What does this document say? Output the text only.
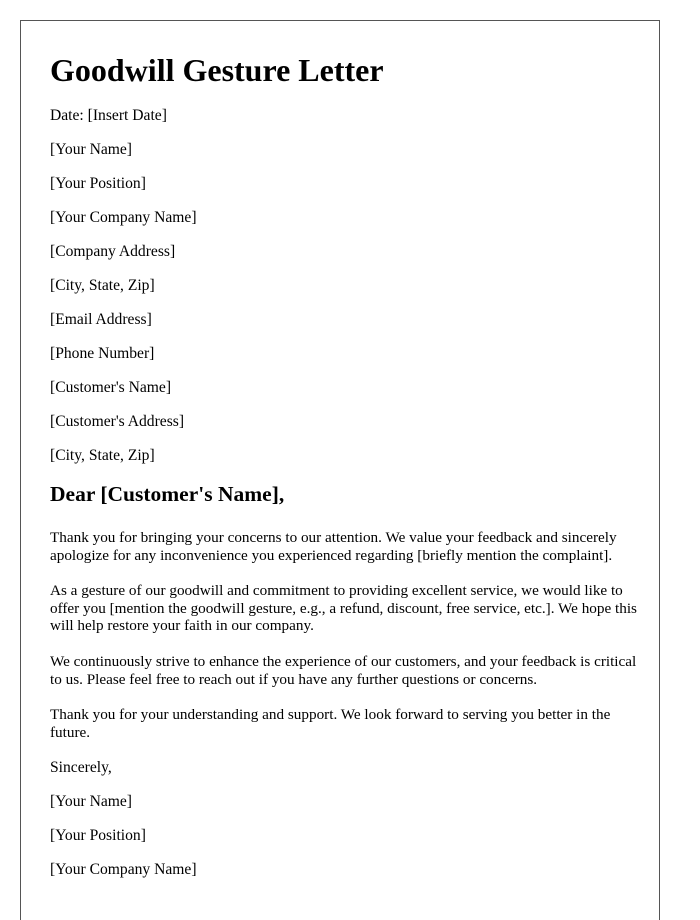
Goodwill Gesture Letter

Date: [Insert Date]

[Your Name]

[Your Position]

[Your Company Name]

[Company Address]

[City, State, Zip]

[Email Address]

[Phone Number]

[Customer's Name]

[Customer's Address]

[City, State, Zip]

Dear [Customer's Name],

Thank you for bringing your concerns to our attention. We value your feedback and sincerely apologize for any inconvenience you experienced regarding [briefly mention the complaint].

As a gesture of our goodwill and commitment to providing excellent service, we would like to offer you [mention the goodwill gesture, e.g., a refund, discount, free service, etc.]. We hope this will help restore your faith in our company.

We continuously strive to enhance the experience of our customers, and your feedback is critical to us. Please feel free to reach out if you have any further questions or concerns.

Thank you for your understanding and support. We look forward to serving you better in the future.

Sincerely,

[Your Name]

[Your Position]

[Your Company Name]
